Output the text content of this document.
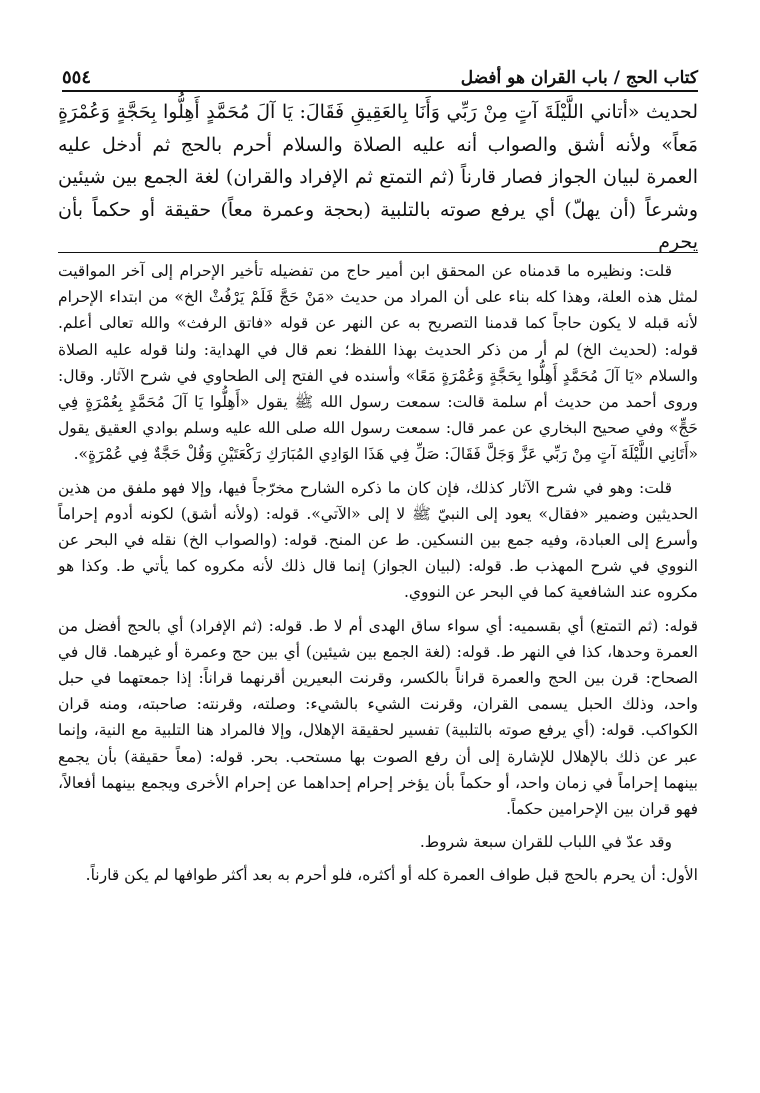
كتاب الحج / باب القران هو أفضل
٥٥٤
لحديث «أتاني اللَّيْلَةَ آتٍ مِنْ رَبِّي وَأَنَا بِالعَقِيقِ فَقَالَ: يَا آلَ مُحَمَّدٍ أَهِلُّوا بِحَجَّةٍ وَعُمْرَةٍ مَعاً» ولأنه أشق والصواب أنه عليه الصلاة والسلام أحرم بالحج ثم أدخل عليه العمرة لبيان الجواز فصار قارناً (ثم التمتع ثم الإفراد والقران) لغة الجمع بين شيئين وشرعاً (أن يهلّ) أي يرفع صوته بالتلبية (بحجة وعمرة معاً) حقيقة أو حكماً بأن يحرم

قلت: ونظيره ما قدمناه عن المحقق ابن أمير حاج من تفضيله تأخير الإحرام إلى آخر المواقيت لمثل هذه العلة، وهذا كله بناء على أن المراد من حديث «مَنْ حَجَّ فَلَمْ يَرْفُثْ الخ» من ابتداء الإحرام لأنه قبله لا يكون حاجاً كما قدمنا التصريح به عن النهر عن قوله «فاتق الرفث» والله تعالى أعلم. قوله: (لحديث الخ) لم أر من ذكر الحديث بهذا اللفظ؛ نعم قال في الهداية: ولنا قوله عليه الصلاة والسلام «يَا آلَ مُحَمَّدٍ أَهِلُّوا بِحَجَّةٍ وَعُمْرَةٍ مَعًا» وأسنده في الفتح إلى الطحاوي في شرح الآثار. وقال: وروى أحمد من حديث أم سلمة قالت: سمعت رسول الله ﷺ يقول «أَهِلُّوا يَا آلَ مُحَمَّدٍ بِعُمْرَةٍ فِي حَجٍّ» وفي صحيح البخاري عن عمر قال: سمعت رسول الله صلى الله عليه وسلم بوادي العقيق يقول «أَتَانِي اللَّيْلَةَ آتٍ مِنْ رَبِّي عَزَّ وَجَلَّ فَقَالَ: صَلِّ فِي هَذَا الوَادِي المُبَارَكِ رَكْعَتَيْنِ وَقُلْ حَجَّةٌ فِي عُمْرَةٍ».

قلت: وهو في شرح الآثار كذلك، فإن كان ما ذكره الشارح مخرّجاً فيها، وإلا فهو ملفق من هذين الحديثين وضمير «فقال» يعود إلى النبيّ ﷺ لا إلى «الآتي». قوله: (ولأنه أشق) لكونه أدوم إحراماً وأسرع إلى العبادة، وفيه جمع بين النسكين. ط عن المنح. قوله: (والصواب الخ) نقله في البحر عن النووي في شرح المهذب ط. قوله: (لبيان الجواز) إنما قال ذلك لأنه مكروه كما يأتي ط. وكذا هو مكروه عند الشافعية كما في البحر عن النووي.

قوله: (ثم التمتع) أي بقسميه: أي سواء ساق الهدى أم لا ط. قوله: (ثم الإفراد) أي بالحج أفضل من العمرة وحدها، كذا في النهر ط. قوله: (لغة الجمع بين شيئين) أي بين حج وعمرة أو غيرهما. قال في الصحاح: قرن بين الحج والعمرة قراناً بالكسر، وقرنت البعيرين أقرنهما قراناً: إذا جمعتهما في حبل واحد، وذلك الحبل يسمى القران، وقرنت الشيء بالشيء: وصلته، وقرنته: صاحبته، ومنه قران الكواكب. قوله: (أي يرفع صوته بالتلبية) تفسير لحقيقة الإهلال، وإلا فالمراد هنا التلبية مع النية، وإنما عبر عن ذلك بالإهلال للإشارة إلى أن رفع الصوت بها مستحب. بحر. قوله: (معاً حقيقة) بأن يجمع بينهما إحراماً في زمان واحد، أو حكماً بأن يؤخر إحرام إحداهما عن إحرام الأخرى ويجمع بينهما أفعالاً، فهو قران بين الإحرامين حكماً.

وقد عدّ في اللباب للقران سبعة شروط.

الأول: أن يحرم بالحج قبل طواف العمرة كله أو أكثره، فلو أحرم به بعد أكثر طوافها لم يكن قارناً.
